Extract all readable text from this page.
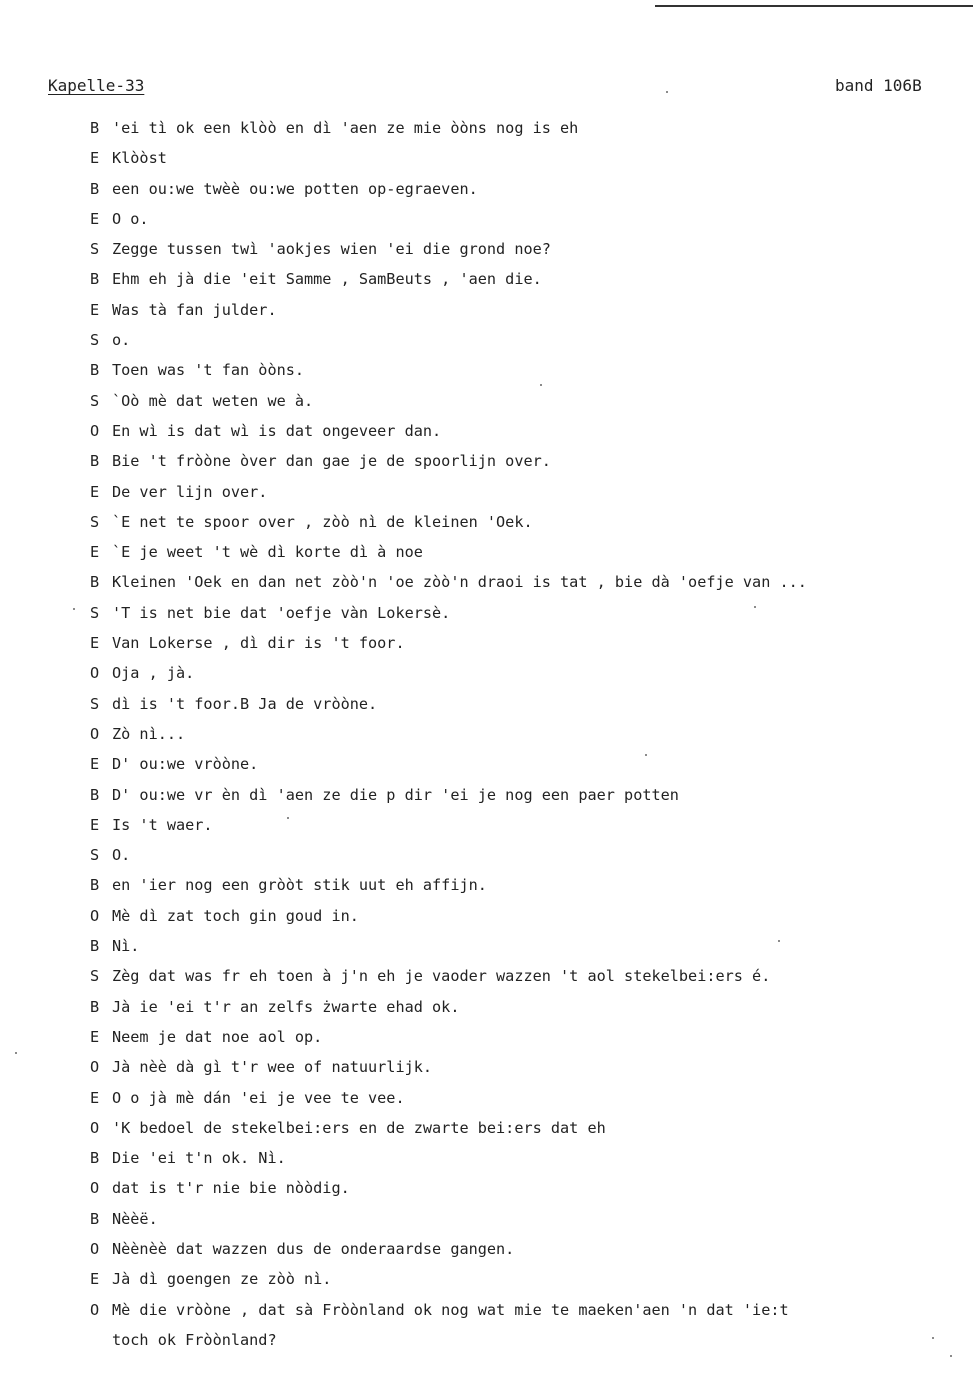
Kapelle-33	band 106B
B 'ei tì ok een klòò en dì 'aen ze mie òòns nog is eh
E Klòòst
B een ou:we twèè ou:we potten op-egraeven.
E O o.
S Zegge tussen twì 'aokjes wien 'ei die grond noe?
B Ehm eh jà die 'eit Samme , SamBeuts , 'aen die.
E Was tà fan julder.
S o.
B Toen was 't fan òòns.
S `Oò mè dat weten we à.
O En wì is dat wì is dat ongeveer dan.
B Bie 't fròòne òver dan gae je de spoorlijn over.
E De ver lijn over.
S `E net te spoor over , zòò nì de kleinen 'Oek.
E `E je weet 't wè dì korte dì à noe
B Kleinen 'Oek en dan net zòò'n 'oe zòò'n draoi is tat , bie dà 'oefje van ...
S 'T is net bie dat 'oefje vàn Lokersè.
E Van Lokerse , dì dir is 't foor.
O Oja , jà.
S dì is 't foor.B Ja de vròòne.
O Zò nì...
E D' ou:we vròòne.
B D' ou:we vr èn dì 'aen ze die p dir 'ei je nog een paer potten
E Is 't waer.
S O.
B en 'ier nog een gròòt stik uut eh affijn.
O Mè dì zat toch gin goud in.
B Nì.
S Zèg dat was fr eh toen à j'n eh je vaoder wazzen 't aol stekelbei:ers é.
B Jà ie 'ei t'r an zelfs żwarte ehad ok.
E Neem je dat noe aol op.
O Jà nèè dà gì t'r wee of natuurlijk.
E O o jà mè dán 'ei je vee te vee.
O 'K bedoel de stekelbei:ers en de zwarte bei:ers dat eh
B Die 'ei t'n ok. Nì.
O dat is t'r nie bie nòòdig.
B Nèèë.
O Nèènèè dat wazzen dus de onderaardse gangen.
E Jà dì goengen ze zòò nì.
O Mè die vròòne , dat sà Fròònland ok nog wat mie te maeken'aen 'n dat 'ie:t
toch ok Fròònland?
